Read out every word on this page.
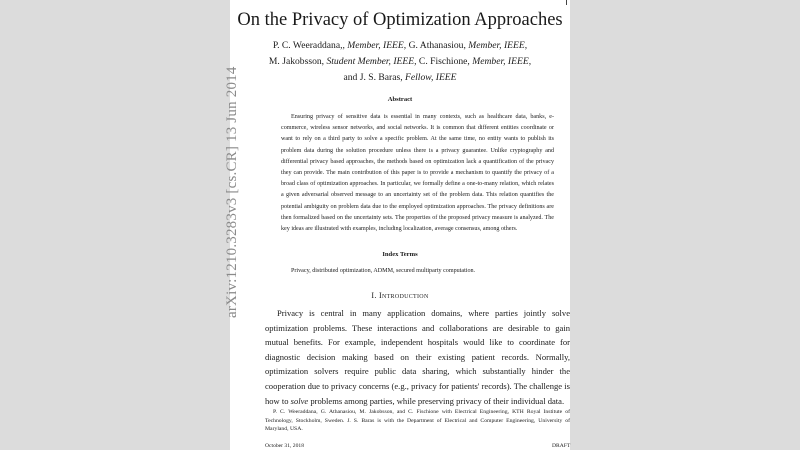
arXiv:1210.3283v3 [cs.CR] 13 Jun 2014
On the Privacy of Optimization Approaches
P. C. Weeraddana,, Member, IEEE, G. Athanasiou, Member, IEEE,
M. Jakobsson, Student Member, IEEE, C. Fischione, Member, IEEE,
and J. S. Baras, Fellow, IEEE
Abstract

Ensuring privacy of sensitive data is essential in many contexts, such as healthcare data, banks, e-commerce, wireless sensor networks, and social networks. It is common that different entities coordinate or want to rely on a third party to solve a specific problem. At the same time, no entity wants to publish its problem data during the solution procedure unless there is a privacy guarantee. Unlike cryptography and differential privacy based approaches, the methods based on optimization lack a quantification of the privacy they can provide. The main contribution of this paper is to provide a mechanism to quantify the privacy of a broad class of optimization approaches. In particular, we formally define a one-to-many relation, which relates a given adversarial observed message to an uncertainty set of the problem data. This relation quantifies the potential ambiguity on problem data due to the employed optimization approaches. The privacy definitions are then formalized based on the uncertainty sets. The properties of the proposed privacy measure is analyzed. The key ideas are illustrated with examples, including localization, average consensus, among others.

Index Terms

Privacy, distributed optimization, ADMM, secured multiparty computation.

I. Introduction

Privacy is central in many application domains, where parties jointly solve optimization problems. These interactions and collaborations are desirable to gain mutual benefits. For example, independent hospitals would like to coordinate for diagnostic decision making based on their existing patient records. Normally, optimization solvers require public data sharing, which substantially hinder the cooperation due to privacy concerns (e.g., privacy for patients' records). The challenge is how to solve problems among parties, while preserving privacy of their individual data.

P. C. Weeraddana, G. Athanasiou, M. Jakobsson, and C. Fischione with Electrical Engineering, KTH Royal Institute of Technology, Stockholm, Sweden. J. S. Baras is with the Department of Electrical and Computer Engineering, University of Maryland, USA.

October 31, 2018	DRAFT
